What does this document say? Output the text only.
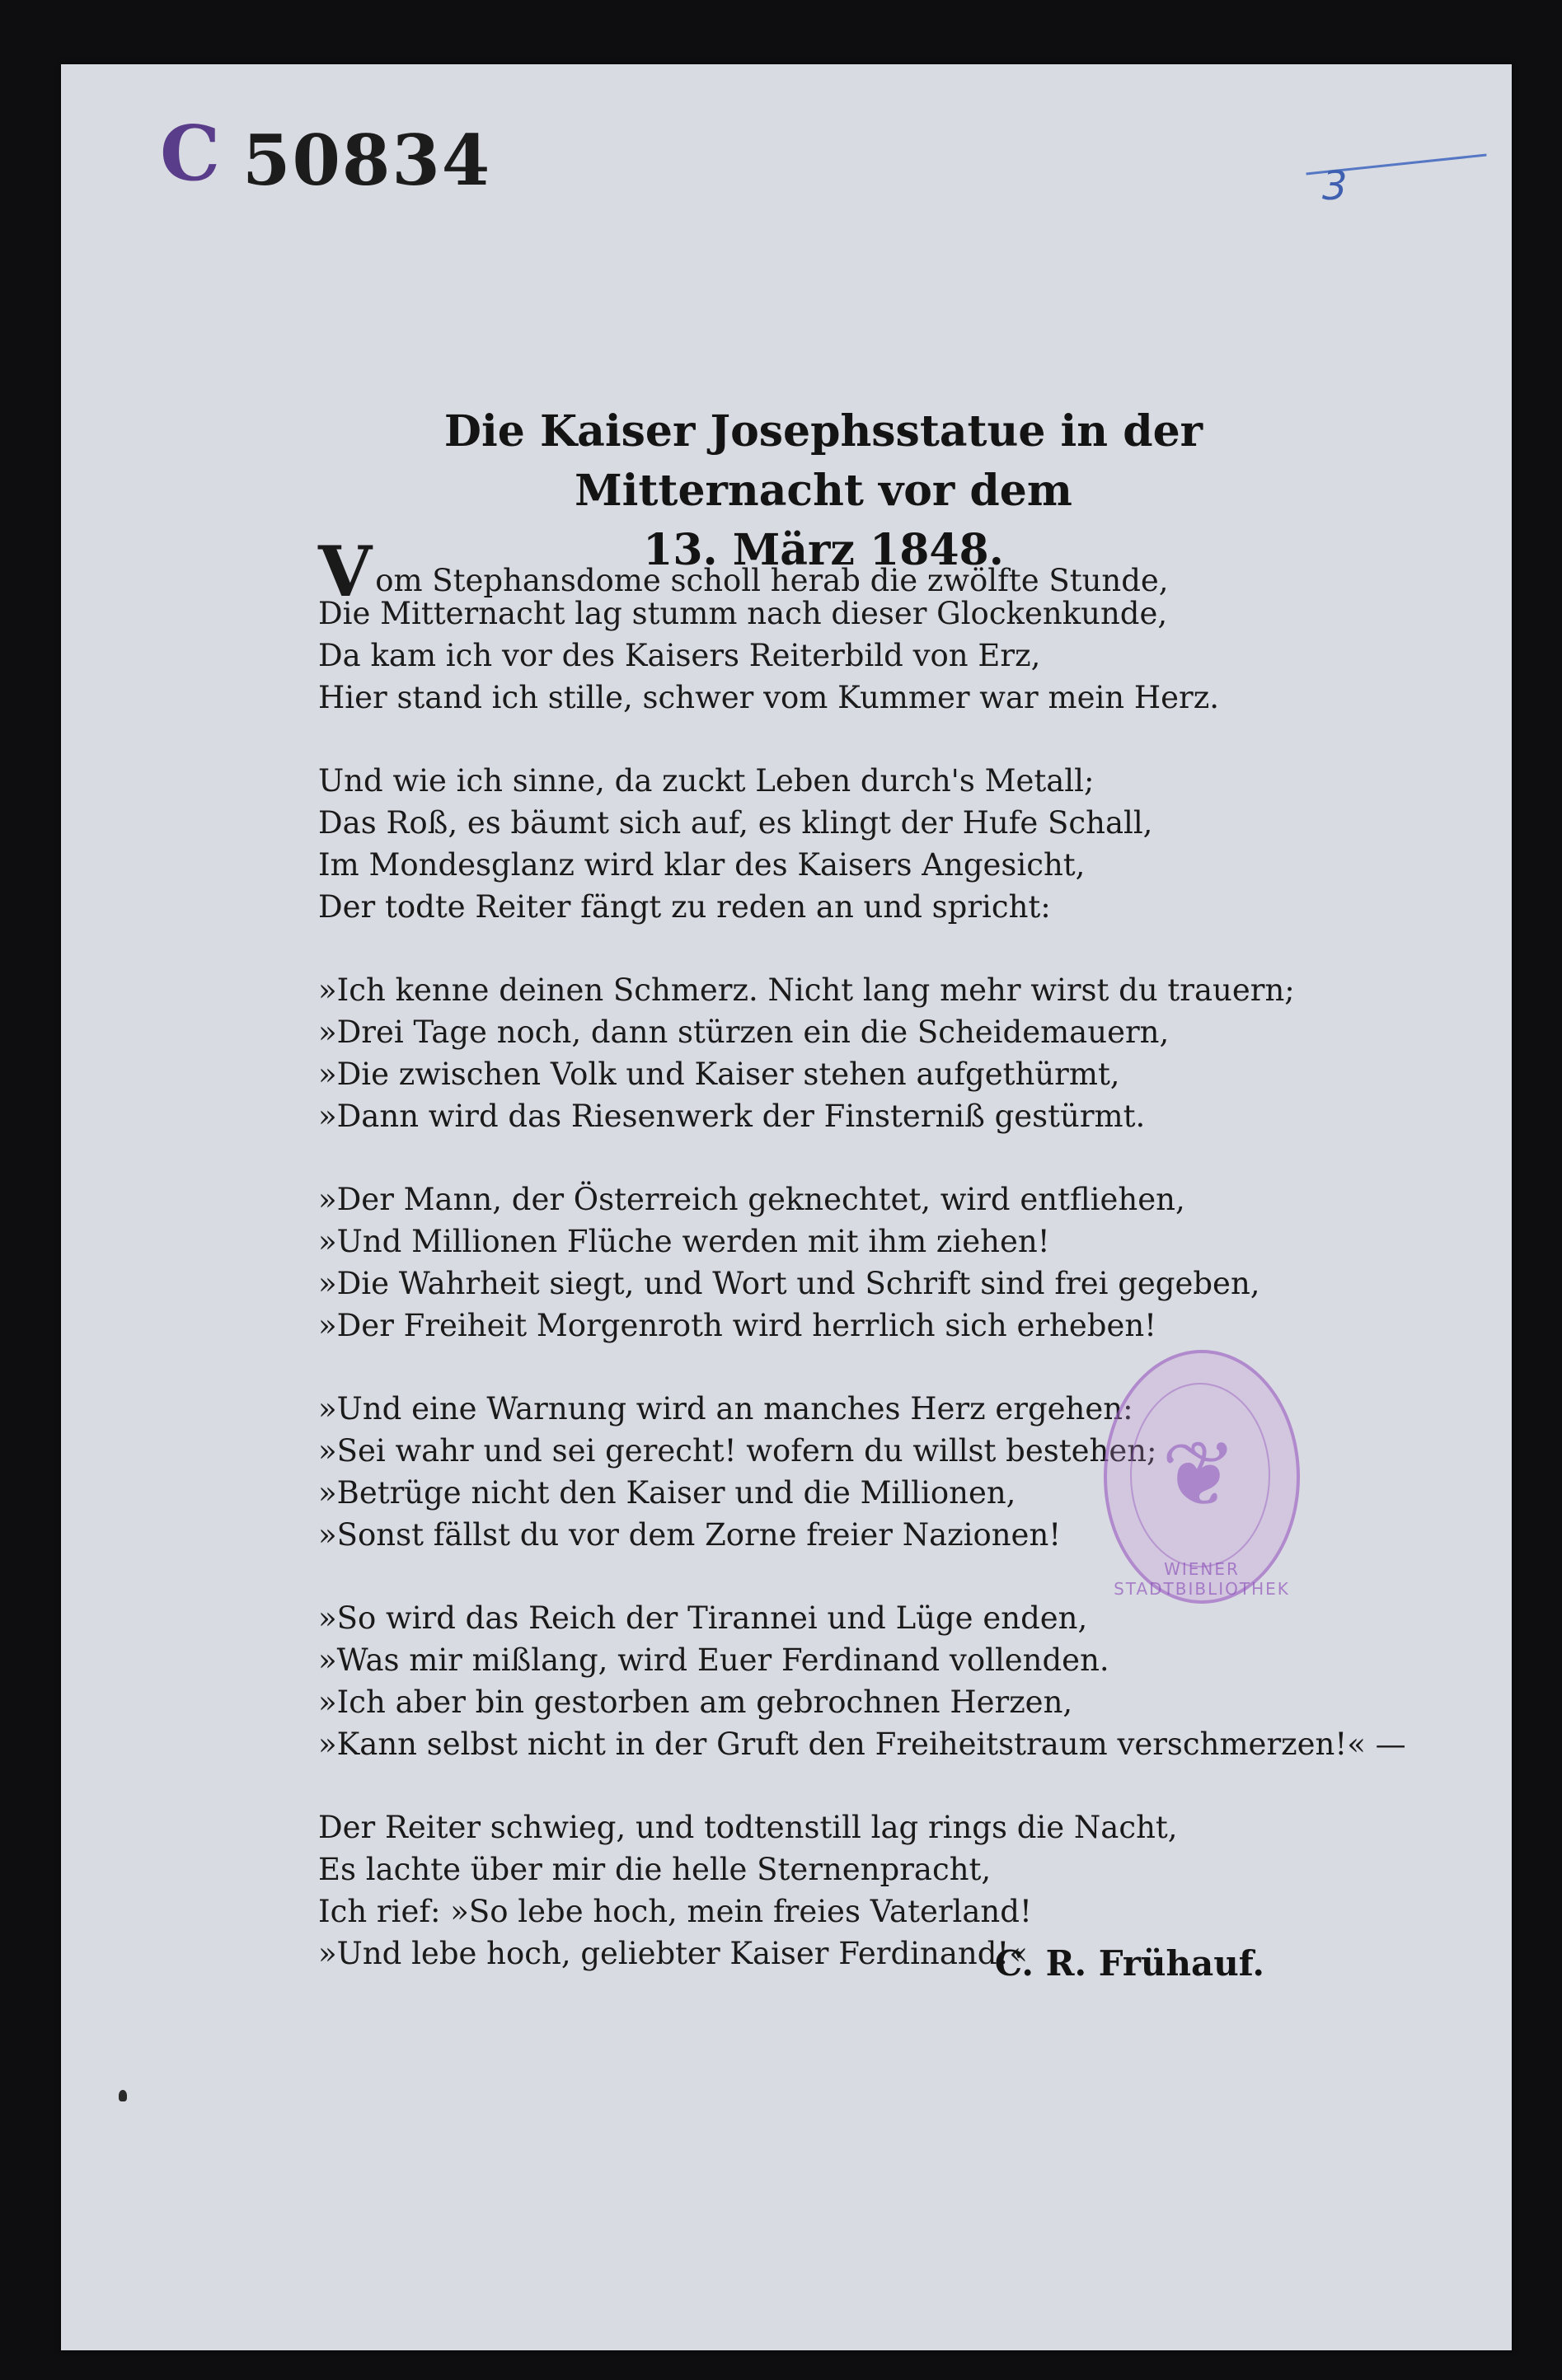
C 50834	3
Die Kaiser Josephsstatue in der Mitternacht vor dem
13. März 1848.
Vom Stephansdome scholl herab die zwölfte Stunde,
Die Mitternacht lag stumm nach dieser Glockenkunde,
Da kam ich vor des Kaisers Reiterbild von Erz,
Hier stand ich stille, schwer vom Kummer war mein Herz.
Und wie ich sinne, da zuckt Leben durch's Metall;
Das Roß, es bäumt sich auf, es klingt der Hufe Schall,
Im Mondesglanz wird klar des Kaisers Angesicht,
Der todte Reiter fängt zu reden an und spricht:
»Ich kenne deinen Schmerz. Nicht lang mehr wirst du trauern;
»Drei Tage noch, dann stürzen ein die Scheidemauern,
»Die zwischen Volk und Kaiser stehen aufgethürmt,
»Dann wird das Riesenwerk der Finsterniß gestürmt.
»Der Mann, der Österreich geknechtet, wird entfliehen,
»Und Millionen Flüche werden mit ihm ziehen!
»Die Wahrheit siegt, und Wort und Schrift sind frei gegeben,
»Der Freiheit Morgenroth wird herrlich sich erheben!
»Und eine Warnung wird an manches Herz ergehen:
»Sei wahr und sei gerecht! wofern du willst bestehen;
»Betrüge nicht den Kaiser und die Millionen,
»Sonst fällst du vor dem Zorne freier Nazionen!
»So wird das Reich der Tirannei und Lüge enden,
»Was mir mißlang, wird Euer Ferdinand vollenden.
»Ich aber bin gestorben am gebrochnen Herzen,
»Kann selbst nicht in der Gruft den Freiheitstraum verschmerzen!« —
Der Reiter schwieg, und todtenstill lag rings die Nacht,
Es lachte über mir die helle Sternenpracht,
Ich rief: »So lebe hoch, mein freies Vaterland!
»Und lebe hoch, geliebter Kaiser Ferdinand!«
C. R. Frühauf.
❦
WIENER STADTBIBLIOTHEK
